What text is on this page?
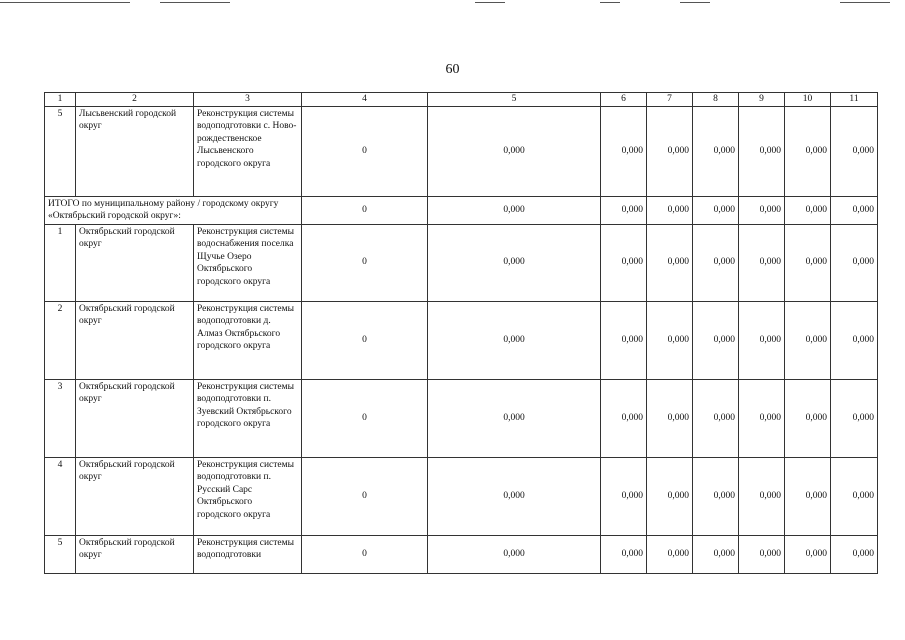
60
1	2	3	4	5	6	7	8	9	10	11
5	Лысьвенский городской округ	Реконструкция системы водоподготовки с. Ново-рождественское Лысьвенского городского округа	0	0,000	0,000	0,000	0,000	0,000	0,000	0,000
ИТОГО по муниципальному району / городскому округу «Октябрьский городской округ»:			0	0,000	0,000	0,000	0,000	0,000	0,000	0,000
1	Октябрьский городской округ	Реконструкция системы водоснабжения поселка Щучье Озеро Октябрьского городского округа	0	0,000	0,000	0,000	0,000	0,000	0,000	0,000
2	Октябрьский городской округ	Реконструкция системы водоподготовки д. Алмаз Октябрьского городского округа	0	0,000	0,000	0,000	0,000	0,000	0,000	0,000
3	Октябрьский городской округ	Реконструкция системы водоподготовки п. Зуевский Октябрьского городского округа	0	0,000	0,000	0,000	0,000	0,000	0,000	0,000
4	Октябрьский городской округ	Реконструкция системы водоподготовки п. Русский Сарс Октябрьского городского округа	0	0,000	0,000	0,000	0,000	0,000	0,000	0,000
5	Октябрьский городской округ	Реконструкция системы водоподготовки	0	0,000	0,000	0,000	0,000	0,000	0,000	0,000
